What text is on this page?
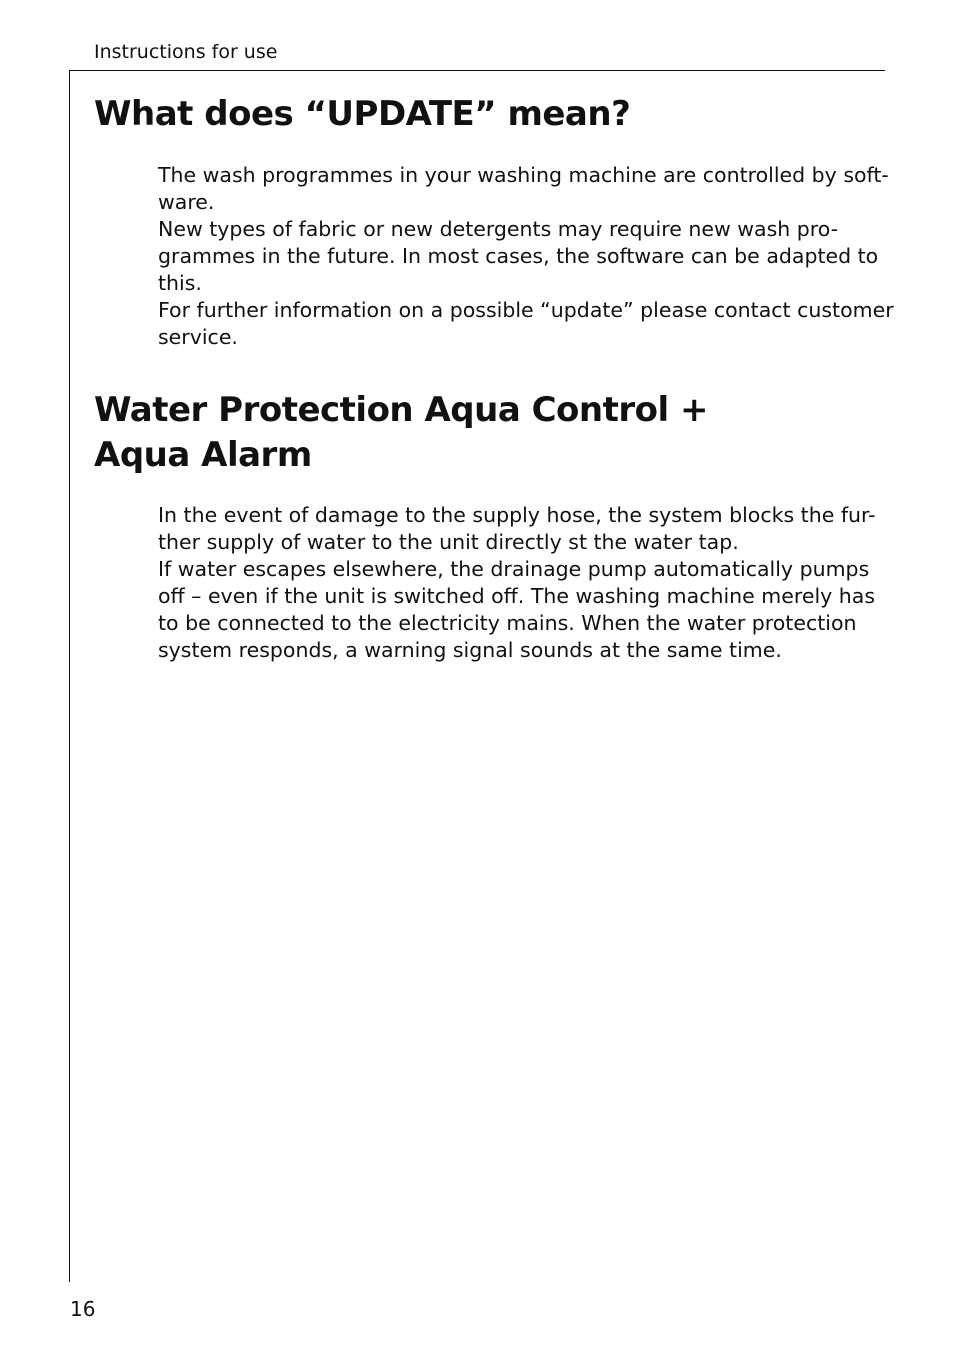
Instructions for use
What does “UPDATE” mean?
The wash programmes in your washing machine are controlled by soft-
ware.
New types of fabric or new detergents may require new wash pro-
grammes in the future. In most cases, the software can be adapted to
this.
For further information on a possible “update” please contact customer
service.
Water Protection Aqua Control +
Aqua Alarm
In the event of damage to the supply hose, the system blocks the fur-
ther supply of water to the unit directly st the water tap.
If water escapes elsewhere, the drainage pump automatically pumps
off – even if the unit is switched off. The washing machine merely has
to be connected to the electricity mains. When the water protection
system responds, a warning signal sounds at the same time.
16
